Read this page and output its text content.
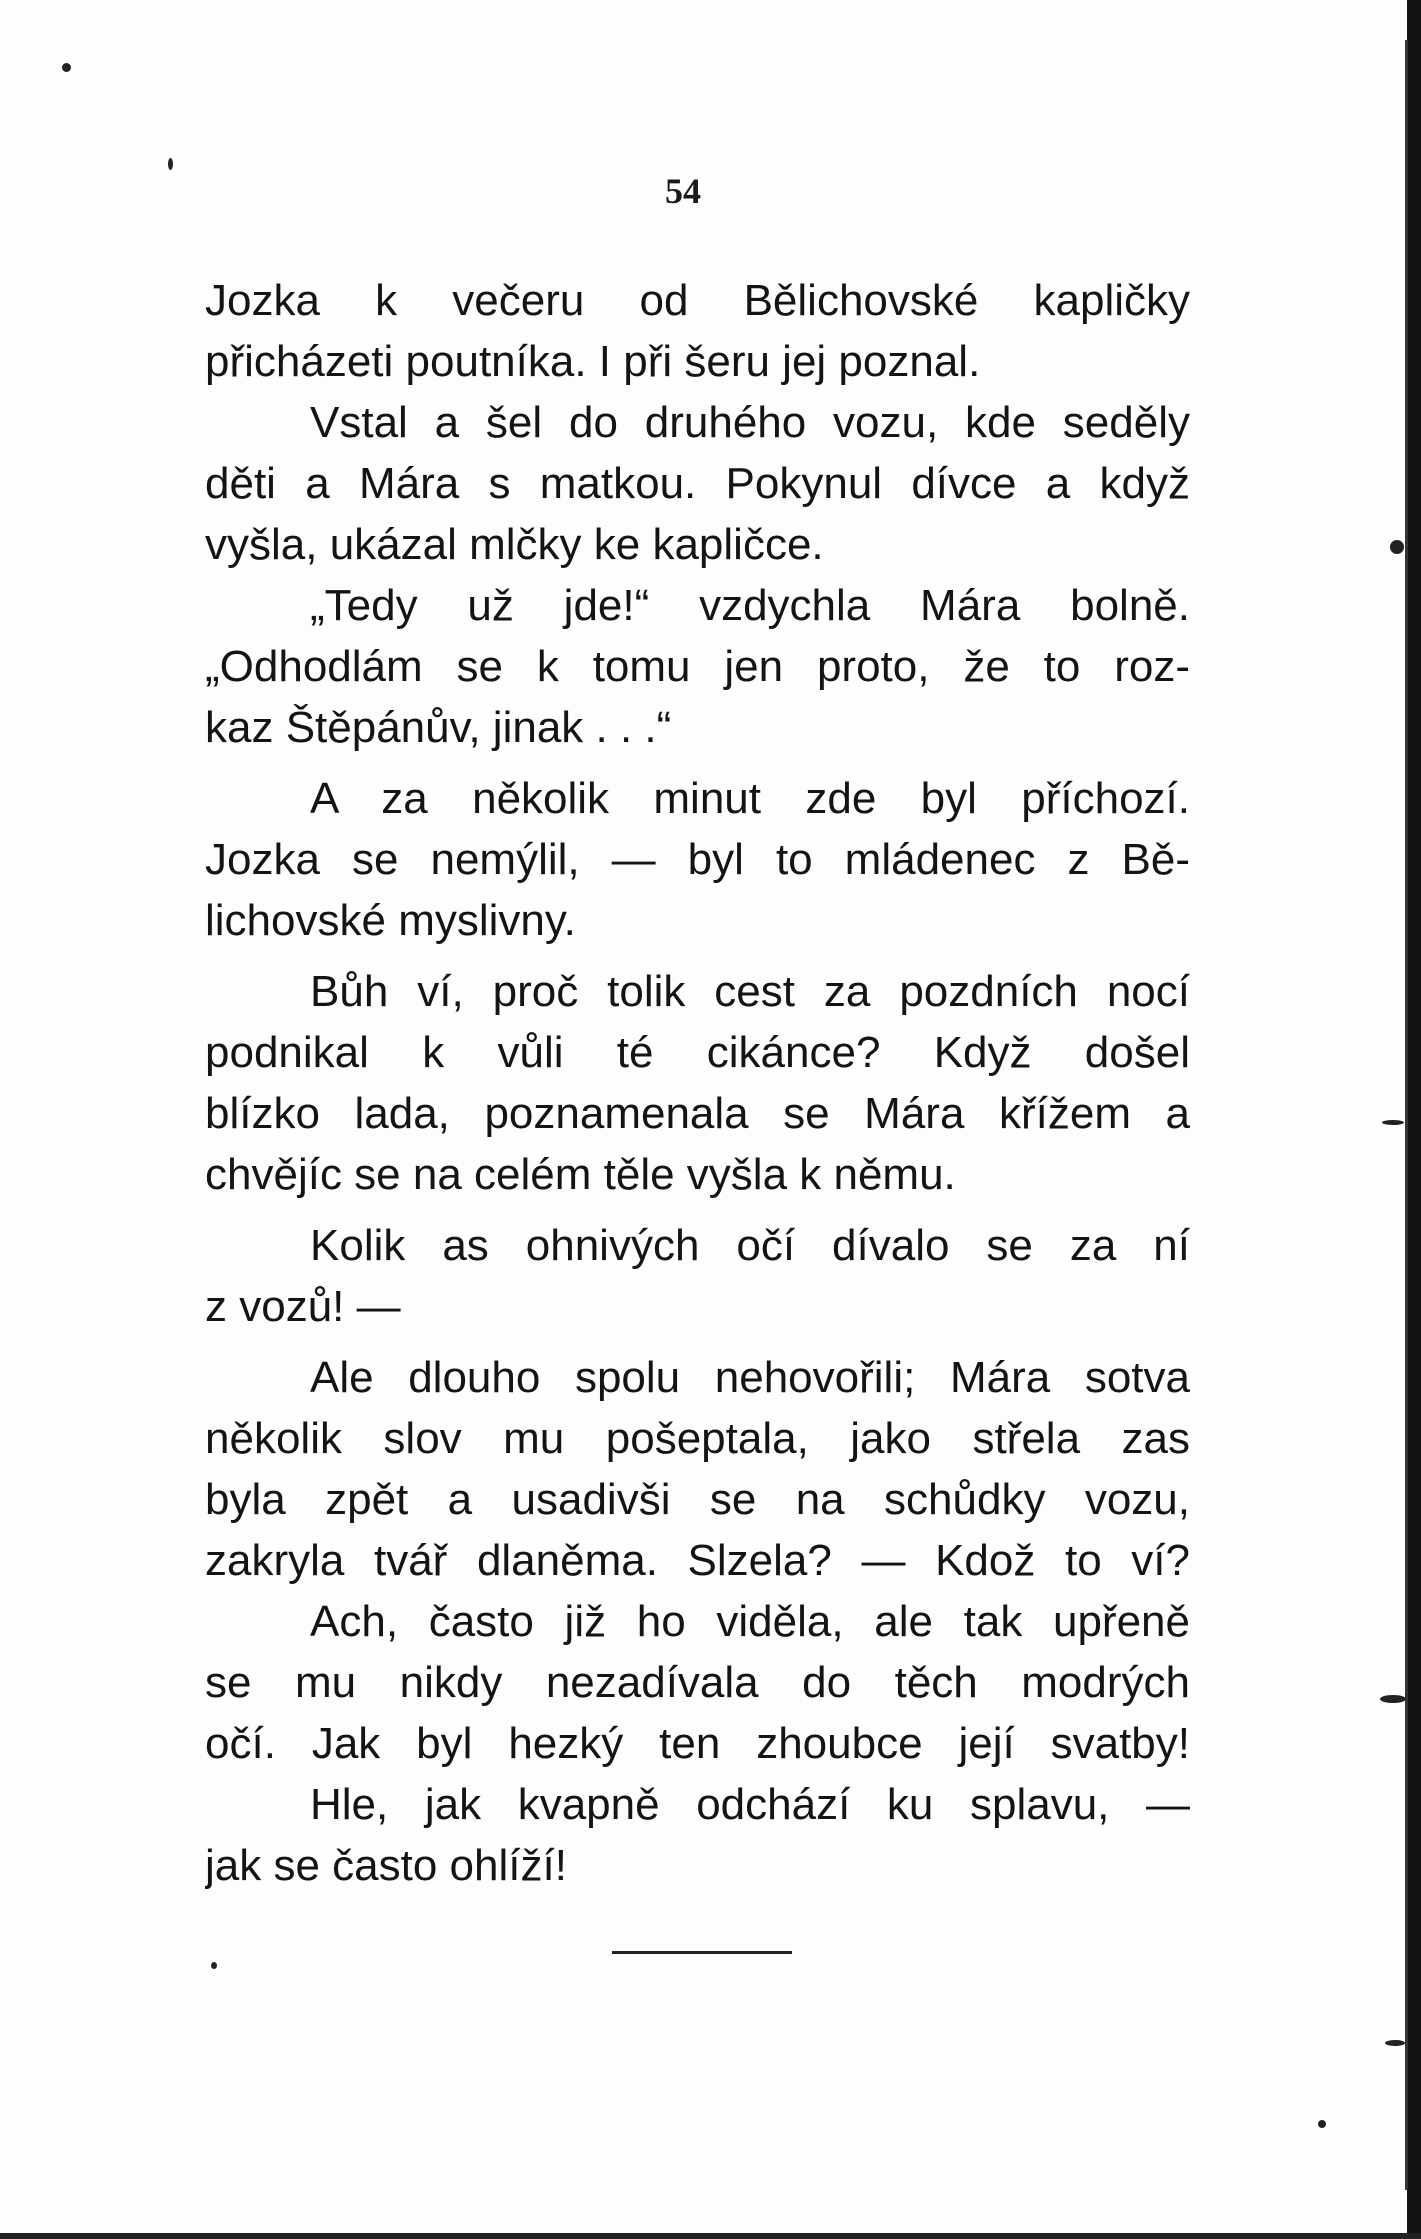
54
Jozka k večeru od Bělichovské kapličky
přicházeti poutníka. I při šeru jej poznal.
Vstal a šel do druhého vozu, kde seděly
děti a Mára s matkou. Pokynul dívce a když
vyšla, ukázal mlčky ke kapličce.
„Tedy už jde!“ vzdychla Mára bolně.
„Odhodlám se k tomu jen proto, že to roz-
kaz Štěpánův, jinak . . .“
A za několik minut zde byl příchozí.
Jozka se nemýlil, — byl to mládenec z Bě-
lichovské myslivny.
Bůh ví, proč tolik cest za pozdních nocí
podnikal k vůli té cikánce? Když došel
blízko lada, poznamenala se Mára křížem a
chvějíc se na celém těle vyšla k němu.
Kolik as ohnivých očí dívalo se za ní
z vozů! —
Ale dlouho spolu nehovořili; Mára sotva
několik slov mu pošeptala, jako střela zas
byla zpět a usadivši se na schůdky vozu,
zakryla tvář dlaněma. Slzela? — Kdož to ví?
Ach, často již ho viděla, ale tak upřeně
se mu nikdy nezadívala do těch modrých
očí. Jak byl hezký ten zhoubce její svatby!
Hle, jak kvapně odchází ku splavu, —
jak se často ohlíží!
